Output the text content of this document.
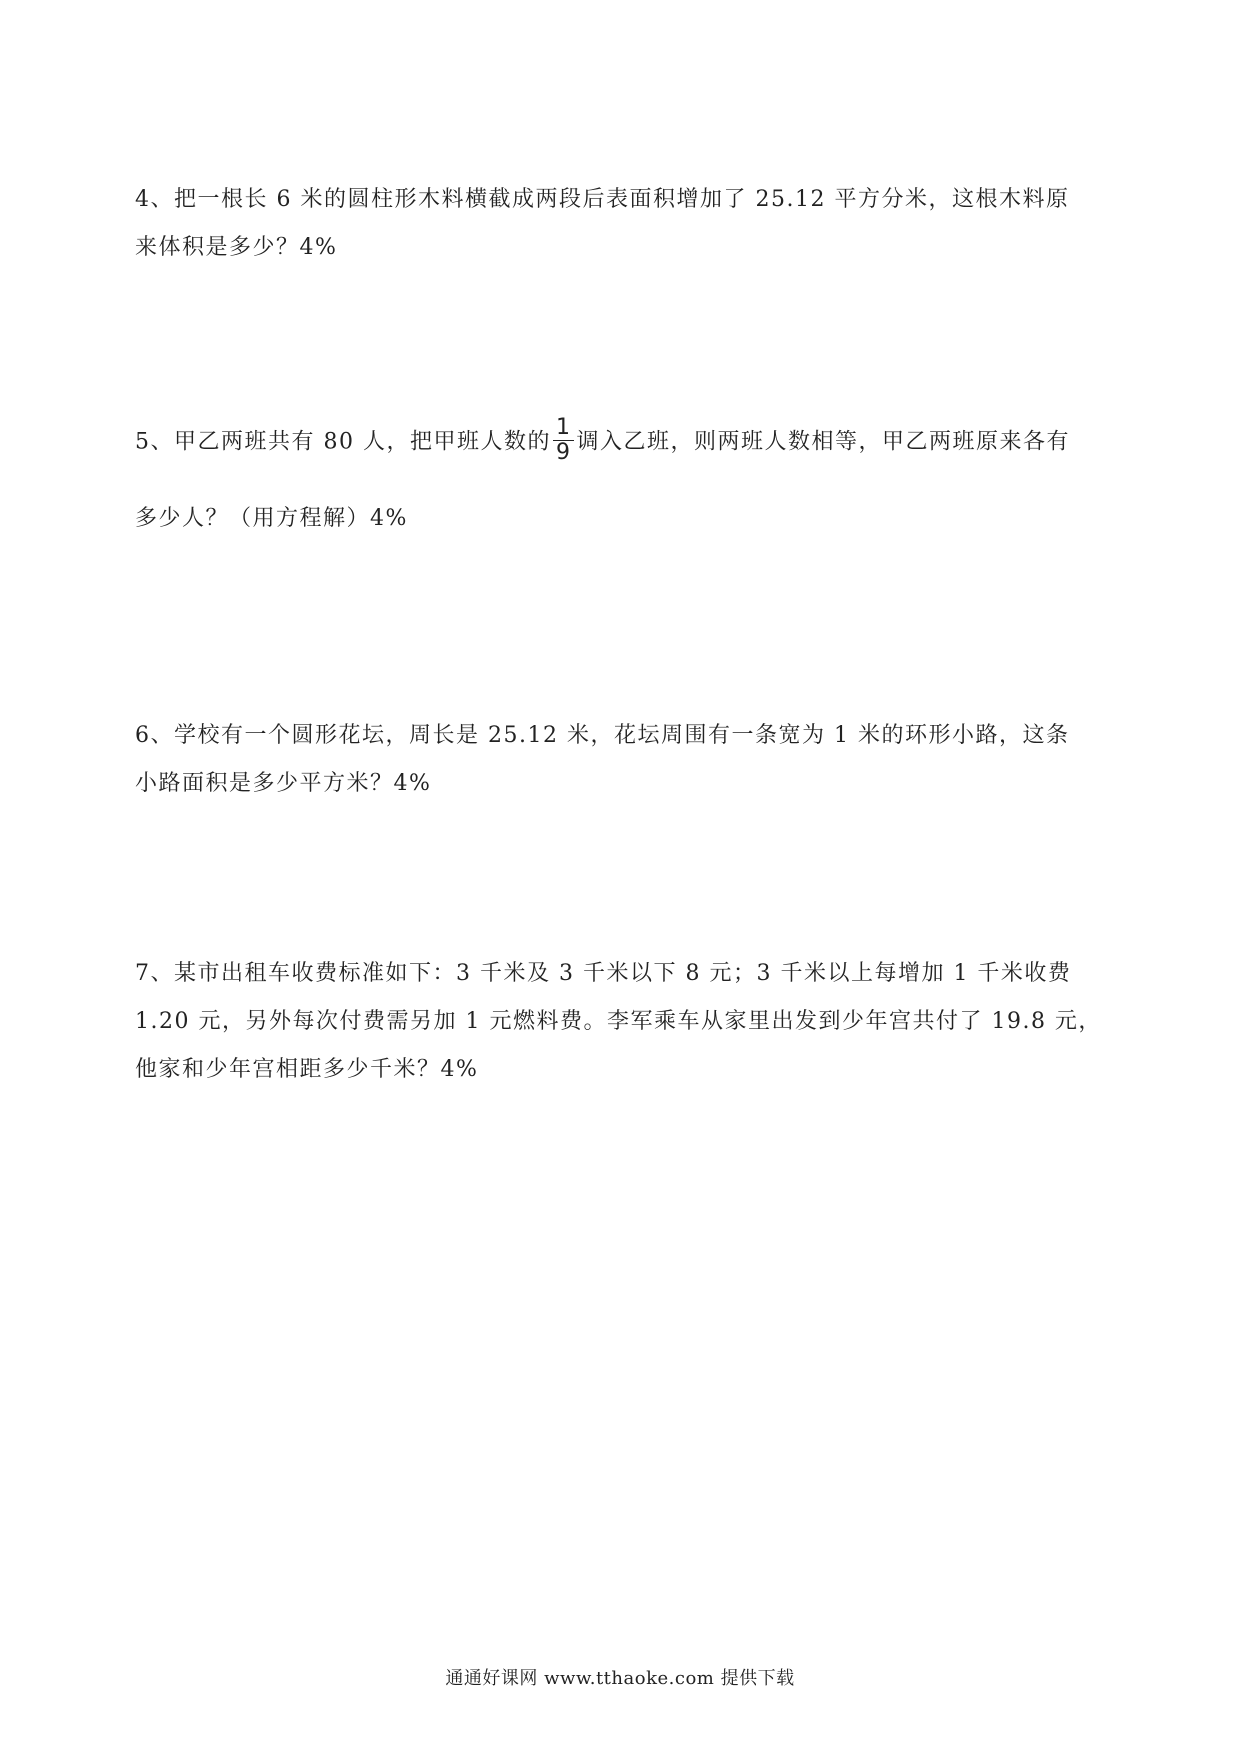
4、把一根长 6 米的圆柱形木料横截成两段后表面积增加了 25.12 平方分米，这根木料原
来体积是多少？4%
5、甲乙两班共有 80 人，把甲班人数的 $\frac{1}{9}$ 调入乙班，则两班人数相等，甲乙两班原来各有
多少人？（用方程解）4%
6、学校有一个圆形花坛，周长是 25.12 米，花坛周围有一条宽为 1 米的环形小路，这条
小路面积是多少平方米？4%
7、某市出租车收费标准如下：3 千米及 3 千米以下 8 元；3 千米以上每增加 1 千米收费
1.20 元，另外每次付费需另加 1 元燃料费。李军乘车从家里出发到少年宫共付了 19.8 元，
他家和少年宫相距多少千米？4%
通通好课网 www.tthaoke.com 提供下载
